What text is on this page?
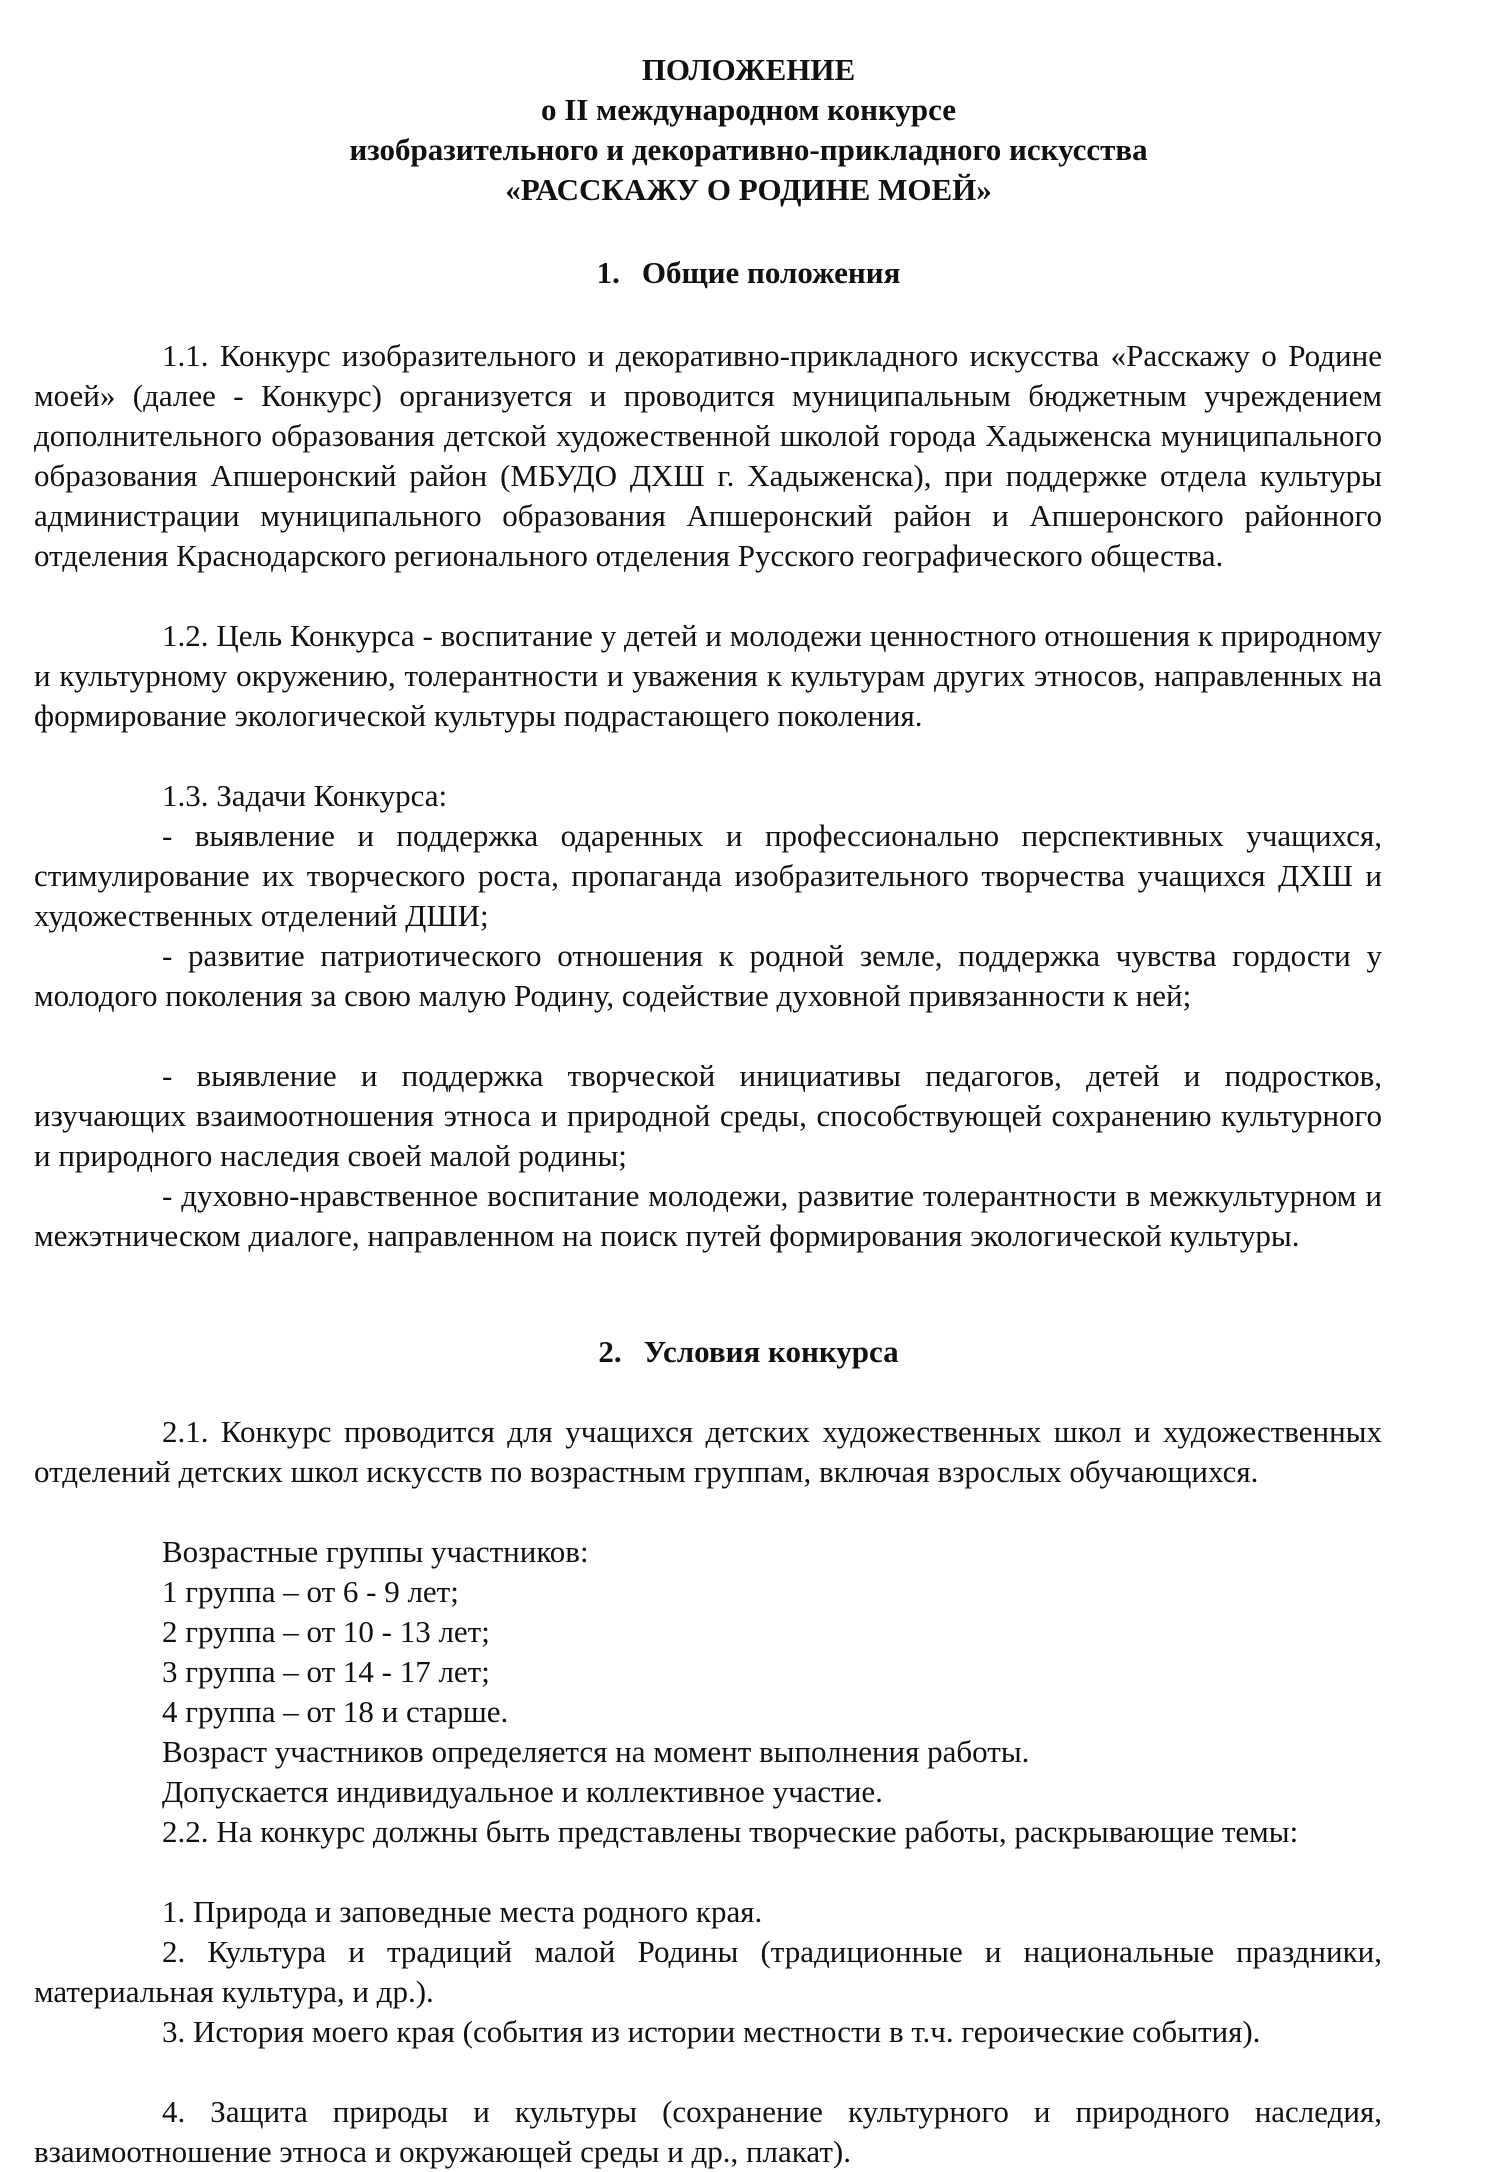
ПОЛОЖЕНИЕ
о II международном конкурсе
изобразительного и декоративно-прикладного искусства
«РАССКАЖУ О РОДИНЕ МОЕЙ»
1. Общие положения
1.1. Конкурс изобразительного и декоративно-прикладного искусства «Расскажу о Родине моей» (далее - Конкурс) организуется и проводится муниципальным бюджетным учреждением дополнительного образования детской художественной школой города Хадыженска муниципального образования Апшеронский район (МБУДО ДХШ г. Хадыженска), при поддержке отдела культуры администрации муниципального образования Апшеронский район и Апшеронского районного отделения Краснодарского регионального отделения Русского географического общества.
1.2. Цель Конкурса - воспитание у детей и молодежи ценностного отношения к природному и культурному окружению, толерантности и уважения к культурам других этносов, направленных на формирование экологической культуры подрастающего поколения.
1.3. Задачи Конкурса:
- выявление и поддержка одаренных и профессионально перспективных учащихся, стимулирование их творческого роста, пропаганда изобразительного творчества учащихся ДХШ и художественных отделений ДШИ;
- развитие патриотического отношения к родной земле, поддержка чувства гордости у молодого поколения за свою малую Родину, содействие духовной привязанности к ней;
- выявление и поддержка творческой инициативы педагогов, детей и подростков, изучающих взаимоотношения этноса и природной среды, способствующей сохранению культурного и природного наследия своей малой родины;
- духовно-нравственное воспитание молодежи, развитие толерантности в межкультурном и межэтническом диалоге, направленном на поиск путей формирования экологической культуры.
2. Условия конкурса
2.1. Конкурс проводится для учащихся детских художественных школ и художественных отделений детских школ искусств по возрастным группам, включая взрослых обучающихся.
Возрастные группы участников:
1 группа – от 6 - 9 лет;
2 группа – от 10 - 13 лет;
3 группа – от 14 - 17 лет;
4 группа – от 18 и старше.
Возраст участников определяется на момент выполнения работы.
Допускается индивидуальное и коллективное участие.
2.2. На конкурс должны быть представлены творческие работы, раскрывающие темы:
1. Природа и заповедные места родного края.
2. Культура и традиций малой Родины (традиционные и национальные праздники, материальная культура, и др.).
3. История моего края (события из истории местности в т.ч. героические события).
4. Защита природы и культуры (сохранение культурного и природного наследия, взаимоотношение этноса и окружающей среды и др., плакат).
